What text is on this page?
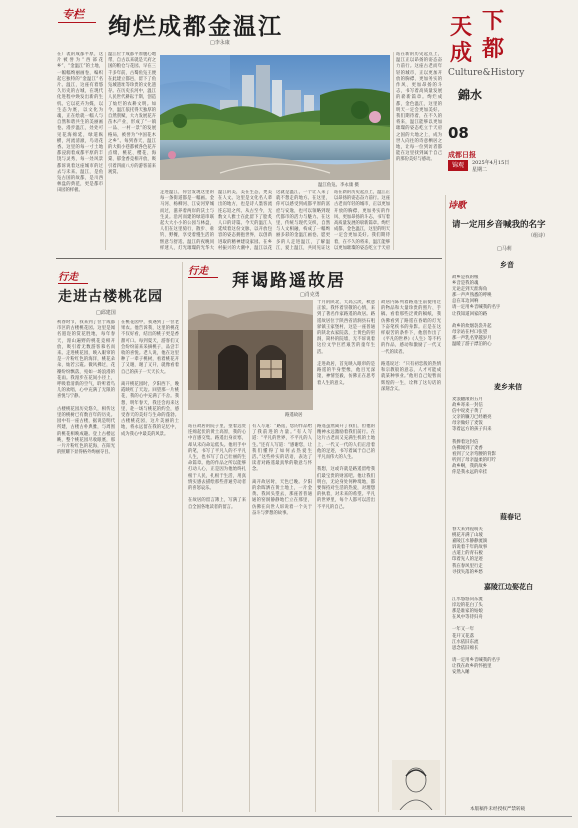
专栏 绚烂成都金温江
□李永康
温江鱼凫。李永康 摄
在广袤的成都平原，这片被誉为“西部花乡”、“金温江”的土地，一幅幅绚丽画卷，编织起它独特的“金温江”名片。温江，这座有着悠久历史的古城，在现代化进程中焕发出新的生机。它以花卉为媒，以生态为底，以文化为魂，正在绘就一幅人与自然和谐共生的美丽画卷。漫步温江，处处可见花海绵延，绿道纵横，河流清澈，鸟语花香。这里的每一寸土地都浸润着成都平原的丰饶与灵秀，每一处风景都诉说着这座城市的过去与未来。温江，是鱼凫古国的故都，是川西林盘的典范，更是都市田园的样板。
温江位于成都平原腹心地带，自古以来就是天府之国的粮仓与花园。早在三千多年前，古蜀鱼凫王便在此建立都邑，留下了鱼凫城遗址等珍贵的文化遗存。在历史长河中，温江人民世代耕耘于斯，创造了灿烂的农耕文明。如今，温江依托得天独厚的自然禀赋，大力发展花卉苗木产业，形成了“一镇一品、一村一景”的发展格局，被誉为“中国花木之乡”。每到春天，温江的大街小巷都被各色花卉点缀，桃花、樱花、海棠、郁金香竞相开放，吸引着四面八方的游客前来观赏。
走进温江，你会发现这里的每一条街道都是一幅画。金马河、杨柳河、江安河穿城而过，滋养着两岸的沃土与生灵。沿河而建的绿道串联起大大小小的公园与林盘，人们在这里骑行、散步、垂钓、野餐，享受着慢生活的惬意与舒适。温江的夜晚同样迷人，灯光璀璨的光华大
温江的美，美在生态，更美在人文。这里是文化名人辈出的地方，也是诗人墨客流连忘返之所。从古至今，无数文人雅士在此留下了脍炙人口的诗篇。今天的温江人延续着这份文脉，以开放包容的姿态拥抱世界，以创新进取的精神建设家园。在乡村振兴的大潮中，温江以花
这就是温江，一个让人来了就不想走的地方。在这里，你可以感受到成都平原的富庶与安逸，也可以领略到现代都市的活力与魅力。在这里，传统与现代交织，自然与人文相融，构成了一幅绚丽多彩的金温江画卷。愿更多的人走进温江，了解温江，爱上温江，共同见证这
站在新的历史起点上，温江正以昂扬的姿态奋力前行。这座古老而年轻的城市，正以更加开放的胸襟、更加务实的作风、更加昂扬的斗志，书写着高质量发展的崭新篇章。绚烂成都，金色温江，这里的明天一定会更加美好。我们期待着，在不久的将来，温江能够以更加璀璨的姿态屹立于天府
站在新的历史起点上，温江正以昂扬的姿态奋力前行。这座古老而年轻的城市，正以更加开放的胸襟、更加务实的作风、更加昂扬的斗志，书写着高质量发展的崭新篇章。绚烂成都，金色温江，这里的明天一定会更加美好。我们期待着，在不久的将来，温江能够以更加璀璨的姿态屹立于天府之国的大地之上，成为世人向往的诗意栖居之地，让每一位到访者都能在这里找到属于自己的那份美好与感动。
天 下
成 都
Culture&History
錦水
08
成都日报
锦观	2025年4月15日
星期二
诗歌
请一定用乡音喊我的名字
（组诗）
□马莉
乡音
故乡是我的根
乡音是我的魂
无论走到天涯海角
那一声声熟悉的呼唤
总在耳边回响
请一定用乡音喊我的名字
让我知道回家的路

故乡的炊烟袅袅升起
母亲站在村口张望
那一声乳名穿越岁月
温暖了游子漂泊的心
麦乡来信
麦浪翻滚的五月
故乡寄来一封信
信中说麦子黄了
父亲的镰刀已经磨亮
母亲做好了麦饭
等着远方的孩子归来

我捧着这封信
仿佛闻到了麦香
看到了父亲弯腰的背影
听到了母亲温柔的叮咛
故乡啊，我的故乡
你是我永远的牵挂
葭春记
春天来到葭萌关
桃花开满了山坡
嘉陵江水静静流淌
诉说着千年的故事
古道上的青石板
印着先人的足迹
我在春风里行走
寻找失落的乡愁
嘉陵江边娶花白
江水悠悠向东流
岸边的花白了头
那是谁家的姑娘
在风中等待归舟

一年又一年
花开又花落
江水依旧东流
思念依旧绵长

请一定用乡音喊我的名字
让我在故乡的怀抱里
安然入睡
本版稿件未经授权严禁转载
行走
走进古楼桃花园
□邱建国
初春时节，我来到了位于成都市区的古楼桃花园。这里是闻名遐迩的赏花胜地，每年春天，漫山遍野的桃花竞相开放，吸引着无数游客慕名而来。走进桃花园，映入眼帘的是一片粉红色的海洋，桃花朵朵，灿若云霞。微风拂过，花瓣纷纷飘落，宛如一场浪漫的花雨。我漫步在花间小径上，呼吸着清新的空气，聆听着鸟儿的欢唱，心中充满了无限的喜悦与宁静。

古楼桃花园历史悠久，相传这里的桃树已有数百年的历史。园中有一座古楼，据说是明代所建，古楼古朴典雅，与周围的桃花相映成趣。登上古楼远眺，整个桃花园尽收眼底，那一片片粉红色的花海，在阳光的照耀下显得格外绚丽夺目。
在桃花园中，我遇到了一位老果农。他告诉我，这里的桃花不仅好看，结出的桃子更是香甜可口。每到夏天，游客们又会纷纷前来采摘桃子，品尝丰收的喜悦。老人说，他在这里种了一辈子桃树，看着桃花开了又谢，谢了又开，就像看着自己的孩子一天天长大。

离开桃花园时，夕阳西下，晚霞映红了天边。回望那一片桃花，我的心中充满了不舍。我想，明年春天，我还会再来这里，赴一场与桃花的约会，感受春天的美好与生命的蓬勃。古楼桃花园，这片美丽的土地，将永远留在我的记忆中，成为我心中最美的风景。
行走 拜谒路遥故居
□肖克勇
路遥故居
十月的陕北，天高云淡，秋意正浓。我怀着崇敬的心情，来到了著名作家路遥的故居。路遥故居位于陕西省清涧县石咀驿镇王家堡村，这是一座普通的陕北农家院落，土黄色的窑洞，简朴的院墙，无不诉说着这位文学巨匠艰苦的童年生活。

走进故居，首先映入眼帘的是路遥的半身塑像，他目光深邃，神情坚毅，仿佛正在思考着人生的意义。
故居内陈列着路遥生前使用过的物品和大量珍贵的照片、手稿。看着那些泛黄的稿纸，我仿佛看到了路遥在昏暗的灯光下奋笔疾书的身影。正是在这样艰苦的条件下，他创作出了《平凡的世界》《人生》等不朽的作品，感动和激励了一代又一代的读者。

路遥说过：“只有初恋般的热情和宗教般的意志，人才可能成就某种事业。”他用自己短暂而辉煌的一生，诠释了这句话的深刻含义。
站在故居的院子里，望着远处连绵起伏的黄土高原，我的心中百感交集。路遥出身贫寒，却从未向命运低头。他用手中的笔，书写了平凡人的不平凡人生，也书写了自己壮丽的生命篇章。他的作品之所以能够打动人心，正是因为他始终扎根于人民，扎根于生活，用真情实感去描绘那些普通劳动者的喜怒哀乐。

在故居的留言簿上，写满了来自全国各地读者的留言。
有人写道：“路遥，您的作品给了我前进的力量。”有人写道：“平凡的世界，不平凡的人生。”还有人写道：“感谢您，让我们懂得了如何去热爱生活。”这些朴实的话语，表达了读者对路遥最真挚的敬意与怀念。

离开故居时，天色已晚。夕阳的余晖洒在黄土地上，一片金黄。我回头望去，那座普普通通的窑洞静静地伫立在那里，仿佛在向世人诉说着一个关于奋斗与梦想的故事。
路遥虽然离开了我们，但他的精神永远激励着我们前行。在这片古老而又充满生机的土地上，一代又一代的人们正沿着他的足迹，书写着属于自己的平凡而伟大的人生。

我想，这或许就是路遥留给我们最宝贵的财富吧。他让我们明白，无论身处何种境地，都要保持对生活的热爱，对理想的执着，对未来的希望。平凡的世界里，每个人都可以活出不平凡的自己。
